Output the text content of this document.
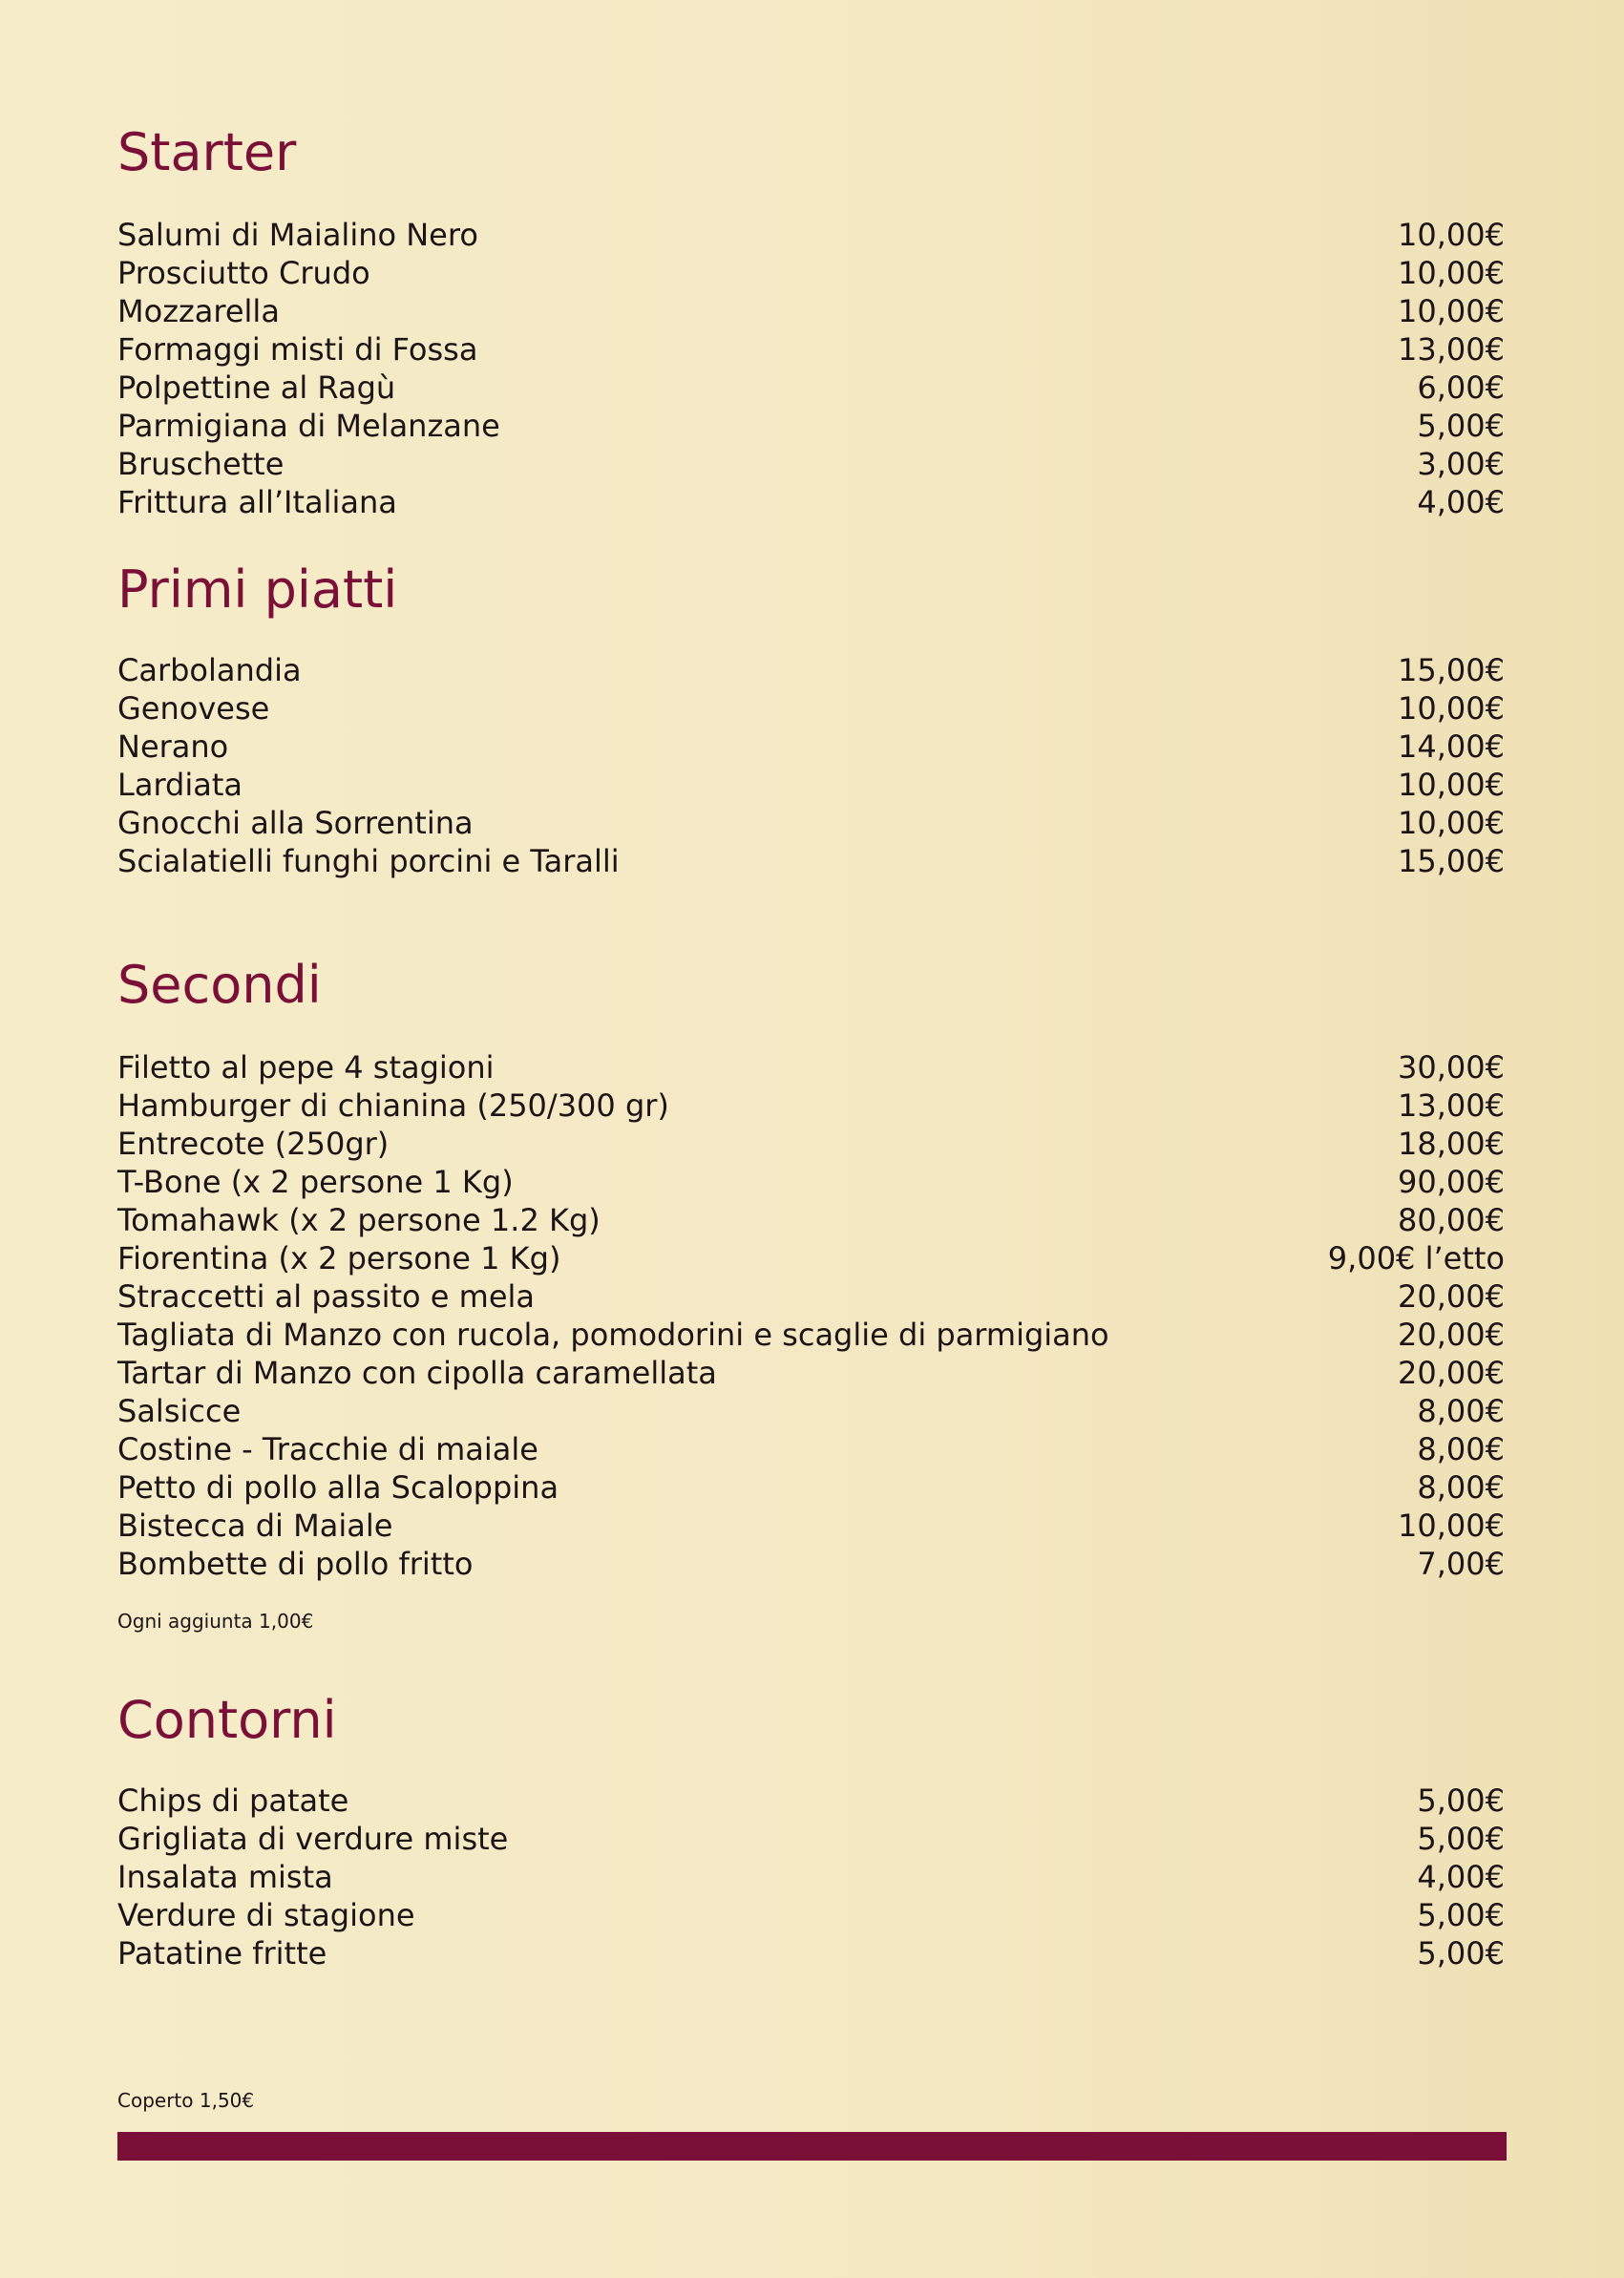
Starter
Salumi di Maialino Nero	10,00€
Prosciutto Crudo	10,00€
Mozzarella	10,00€
Formaggi misti di Fossa	13,00€
Polpettine al Ragù	6,00€
Parmigiana di Melanzane	5,00€
Bruschette	3,00€
Frittura all’Italiana	4,00€
Primi piatti
Carbolandia	15,00€
Genovese	10,00€
Nerano	14,00€
Lardiata	10,00€
Gnocchi alla Sorrentina	10,00€
Scialatielli funghi porcini e Taralli	15,00€
Secondi
Filetto al pepe 4 stagioni	30,00€
Hamburger di chianina (250/300 gr)	13,00€
Entrecote (250gr)	18,00€
T-Bone (x 2 persone 1 Kg)	90,00€
Tomahawk (x 2 persone 1.2 Kg)	80,00€
Fiorentina (x 2 persone 1 Kg)	9,00€ l’etto
Straccetti al passito e mela	20,00€
Tagliata di Manzo con rucola, pomodorini e scaglie di parmigiano	20,00€
Tartar di Manzo con cipolla caramellata	20,00€
Salsicce	8,00€
Costine - Tracchie di maiale	8,00€
Petto di pollo alla Scaloppina	8,00€
Bistecca di Maiale	10,00€
Bombette di pollo fritto	7,00€
Ogni aggiunta 1,00€
Contorni
Chips di patate	5,00€
Grigliata di verdure miste	5,00€
Insalata mista	4,00€
Verdure di stagione	5,00€
Patatine fritte	5,00€
Coperto 1,50€
